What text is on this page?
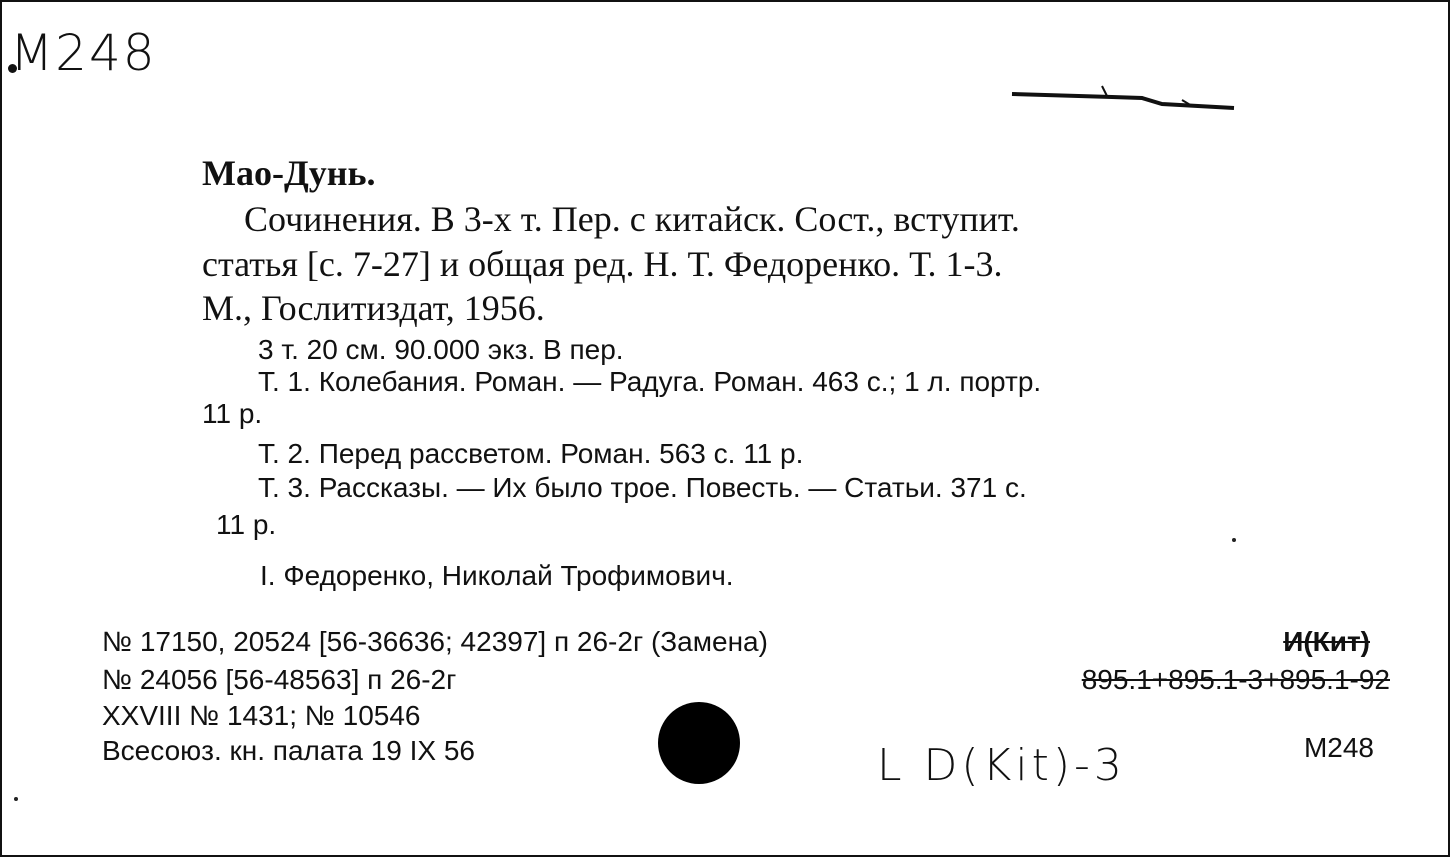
М248
Мао-Дунь.
Сочинения. В 3-х т. Пер. с китайск. Сост., вступит.
статья [с. 7-27] и общая ред. Н. Т. Федоренко. Т. 1-3.
М., Гослитиздат, 1956.
3 т. 20 см. 90.000 экз. В пер.
Т. 1. Колебания. Роман. — Радуга. Роман. 463 с.; 1 л. портр.
11 р.
Т. 2. Перед рассветом. Роман. 563 с. 11 р.
Т. 3. Рассказы. — Их было трое. Повесть. — Статьи. 371 с.
11 р.
I. Федоренко, Николай Трофимович.
№ 17150, 20524 [56-36636; 42397] п 26-2г (Замена)
№ 24056 [56-48563] п 26-2г
XXVIII № 1431; № 10546
Всесоюз. кн. палата 19 IX 56
И(Кит)
895.1+895.1-3+895.1-92
М248
L D(Kit)-3
